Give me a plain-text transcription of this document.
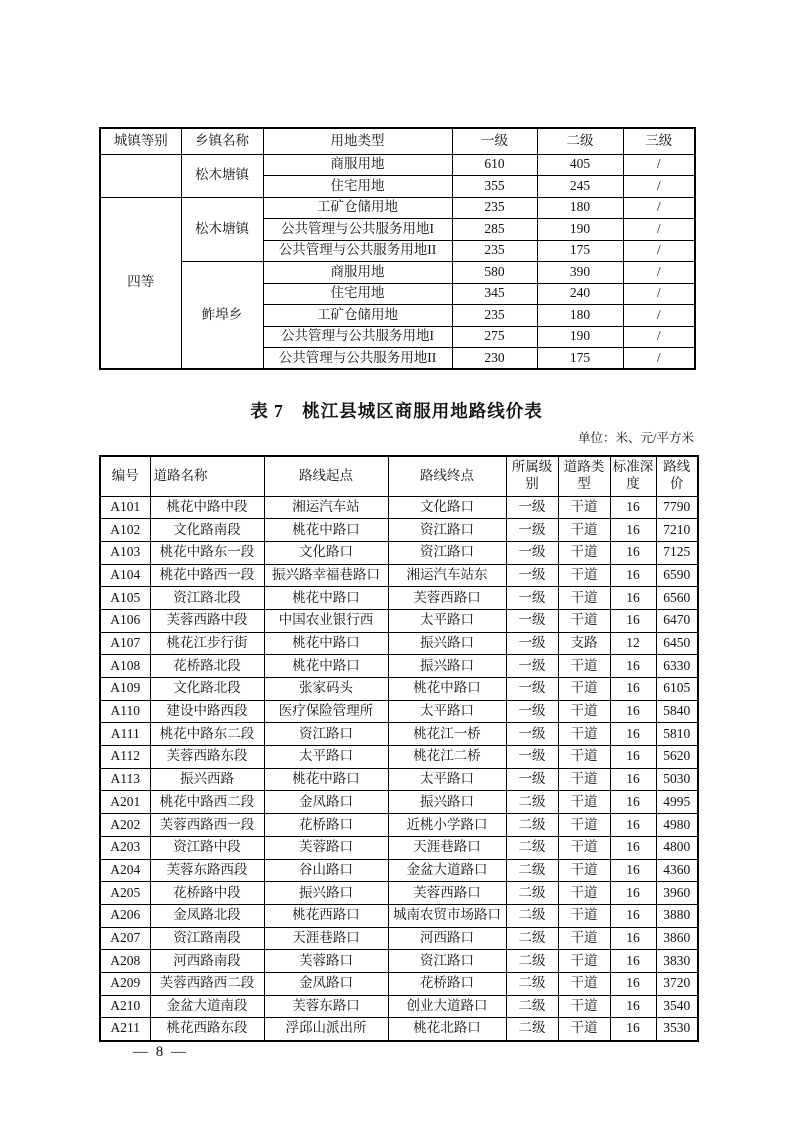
城镇等别	乡镇名称	用地类型	一级	二级	三级
	松木塘镇	商服用地	610	405	/
		住宅用地	355	245	/
四等	松木塘镇	工矿仓储用地	235	180	/
		公共管理与公共服务用地I	285	190	/
		公共管理与公共服务用地II	235	175	/
	鲊埠乡	商服用地	580	390	/
		住宅用地	345	240	/
		工矿仓储用地	235	180	/
		公共管理与公共服务用地I	275	190	/
		公共管理与公共服务用地II	230	175	/
表 7　桃江县城区商服用地路线价表
单位：米、元/平方米
编号	道路名称	路线起点	路线终点	所属级别	道路类型	标准深度	路线价
A101	桃花中路中段	湘运汽车站	文化路口	一级	干道	16	7790
A102	文化路南段	桃花中路口	资江路口	一级	干道	16	7210
A103	桃花中路东一段	文化路口	资江路口	一级	干道	16	7125
A104	桃花中路西一段	振兴路幸福巷路口	湘运汽车站东	一级	干道	16	6590
A105	资江路北段	桃花中路口	芙蓉西路口	一级	干道	16	6560
A106	芙蓉西路中段	中国农业银行西	太平路口	一级	干道	16	6470
A107	桃花江步行街	桃花中路口	振兴路口	一级	支路	12	6450
A108	花桥路北段	桃花中路口	振兴路口	一级	干道	16	6330
A109	文化路北段	张家码头	桃花中路口	一级	干道	16	6105
A110	建设中路西段	医疗保险管理所	太平路口	一级	干道	16	5840
A111	桃花中路东二段	资江路口	桃花江一桥	一级	干道	16	5810
A112	芙蓉西路东段	太平路口	桃花江二桥	一级	干道	16	5620
A113	振兴西路	桃花中路口	太平路口	一级	干道	16	5030
A201	桃花中路西二段	金凤路口	振兴路口	二级	干道	16	4995
A202	芙蓉西路西一段	花桥路口	近桃小学路口	二级	干道	16	4980
A203	资江路中段	芙蓉路口	天涯巷路口	二级	干道	16	4800
A204	芙蓉东路西段	谷山路口	金盆大道路口	二级	干道	16	4360
A205	花桥路中段	振兴路口	芙蓉西路口	二级	干道	16	3960
A206	金凤路北段	桃花西路口	城南农贸市场路口	二级	干道	16	3880
A207	资江路南段	天涯巷路口	河西路口	二级	干道	16	3860
A208	河西路南段	芙蓉路口	资江路口	二级	干道	16	3830
A209	芙蓉西路西二段	金凤路口	花桥路口	二级	干道	16	3720
A210	金盆大道南段	芙蓉东路口	创业大道路口	二级	干道	16	3540
A211	桃花西路东段	浮邱山派出所	桃花北路口	二级	干道	16	3530
— 8 —
